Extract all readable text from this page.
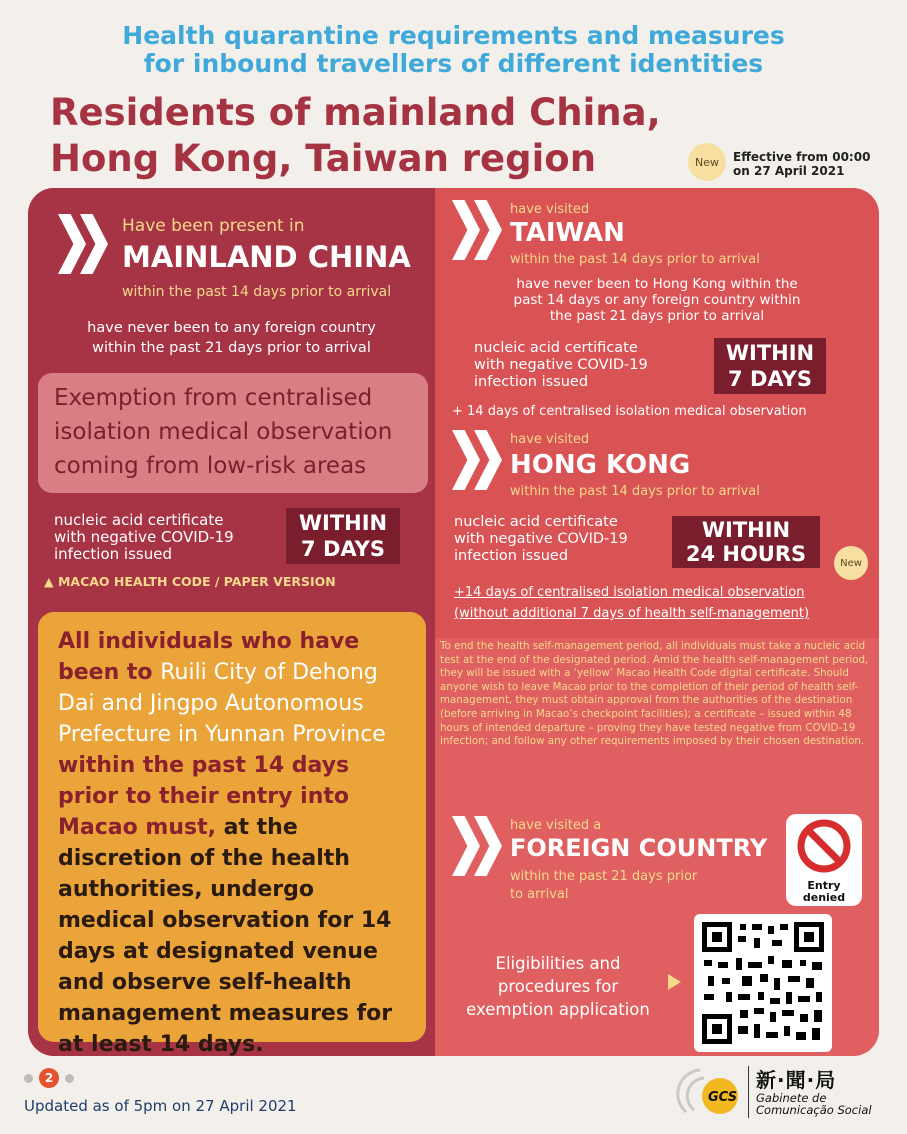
Health quarantine requirements and measures
for inbound travellers of different identities
Residents of mainland China,
Hong Kong, Taiwan region	New	Effective from 00:00
on 27 April 2021
Have been present in
MAINLAND CHINA
within the past 14 days prior to arrival
have never been to any foreign country
within the past 21 days prior to arrival
Exemption from centralised
isolation medical observation
coming from low-risk areas
nucleic acid certificate
with negative COVID-19
infection issued
WITHIN
7 DAYS
▲ MACAO HEALTH CODE / PAPER VERSION
All individuals who have been to Ruili City of Dehong Dai and Jingpo Autonomous Prefecture in Yunnan Province within the past 14 days prior to their entry into Macao must, at the discretion of the health authorities, undergo medical observation for 14 days at designated venue and observe self-health management measures for at least 14 days.
have visited
TAIWAN
within the past 14 days prior to arrival
have never been to Hong Kong within the
past 14 days or any foreign country within
the past 21 days prior to arrival
nucleic acid certificate
with negative COVID-19
infection issued
WITHIN
7 DAYS
+ 14 days of centralised isolation medical observation
have visited
HONG KONG
within the past 14 days prior to arrival
nucleic acid certificate
with negative COVID-19
infection issued
WITHIN
24 HOURS	New
+14 days of centralised isolation medical observation
(without additional 7 days of health self-management)
To end the health self-management period, all individuals must take a nucleic acid test at the end of the designated period. Amid the health self-management period, they will be issued with a ‘yellow’ Macao Health Code digital certificate. Should anyone wish to leave Macao prior to the completion of their period of health self-management, they must obtain approval from the authorities of the destination (before arriving in Macao’s checkpoint facilities); a certificate – issued within 48 hours of intended departure – proving they have tested negative from COVID-19 infection; and follow any other requirements imposed by their chosen destination.
have visited a
FOREIGN COUNTRY
within the past 21 days prior
to arrival
Entry
denied
Eligibilities and
procedures for
exemption application
2
Updated as of 5pm on 27 April 2021	GCS
新·聞·局
Gabinete de
Comunicação Social
